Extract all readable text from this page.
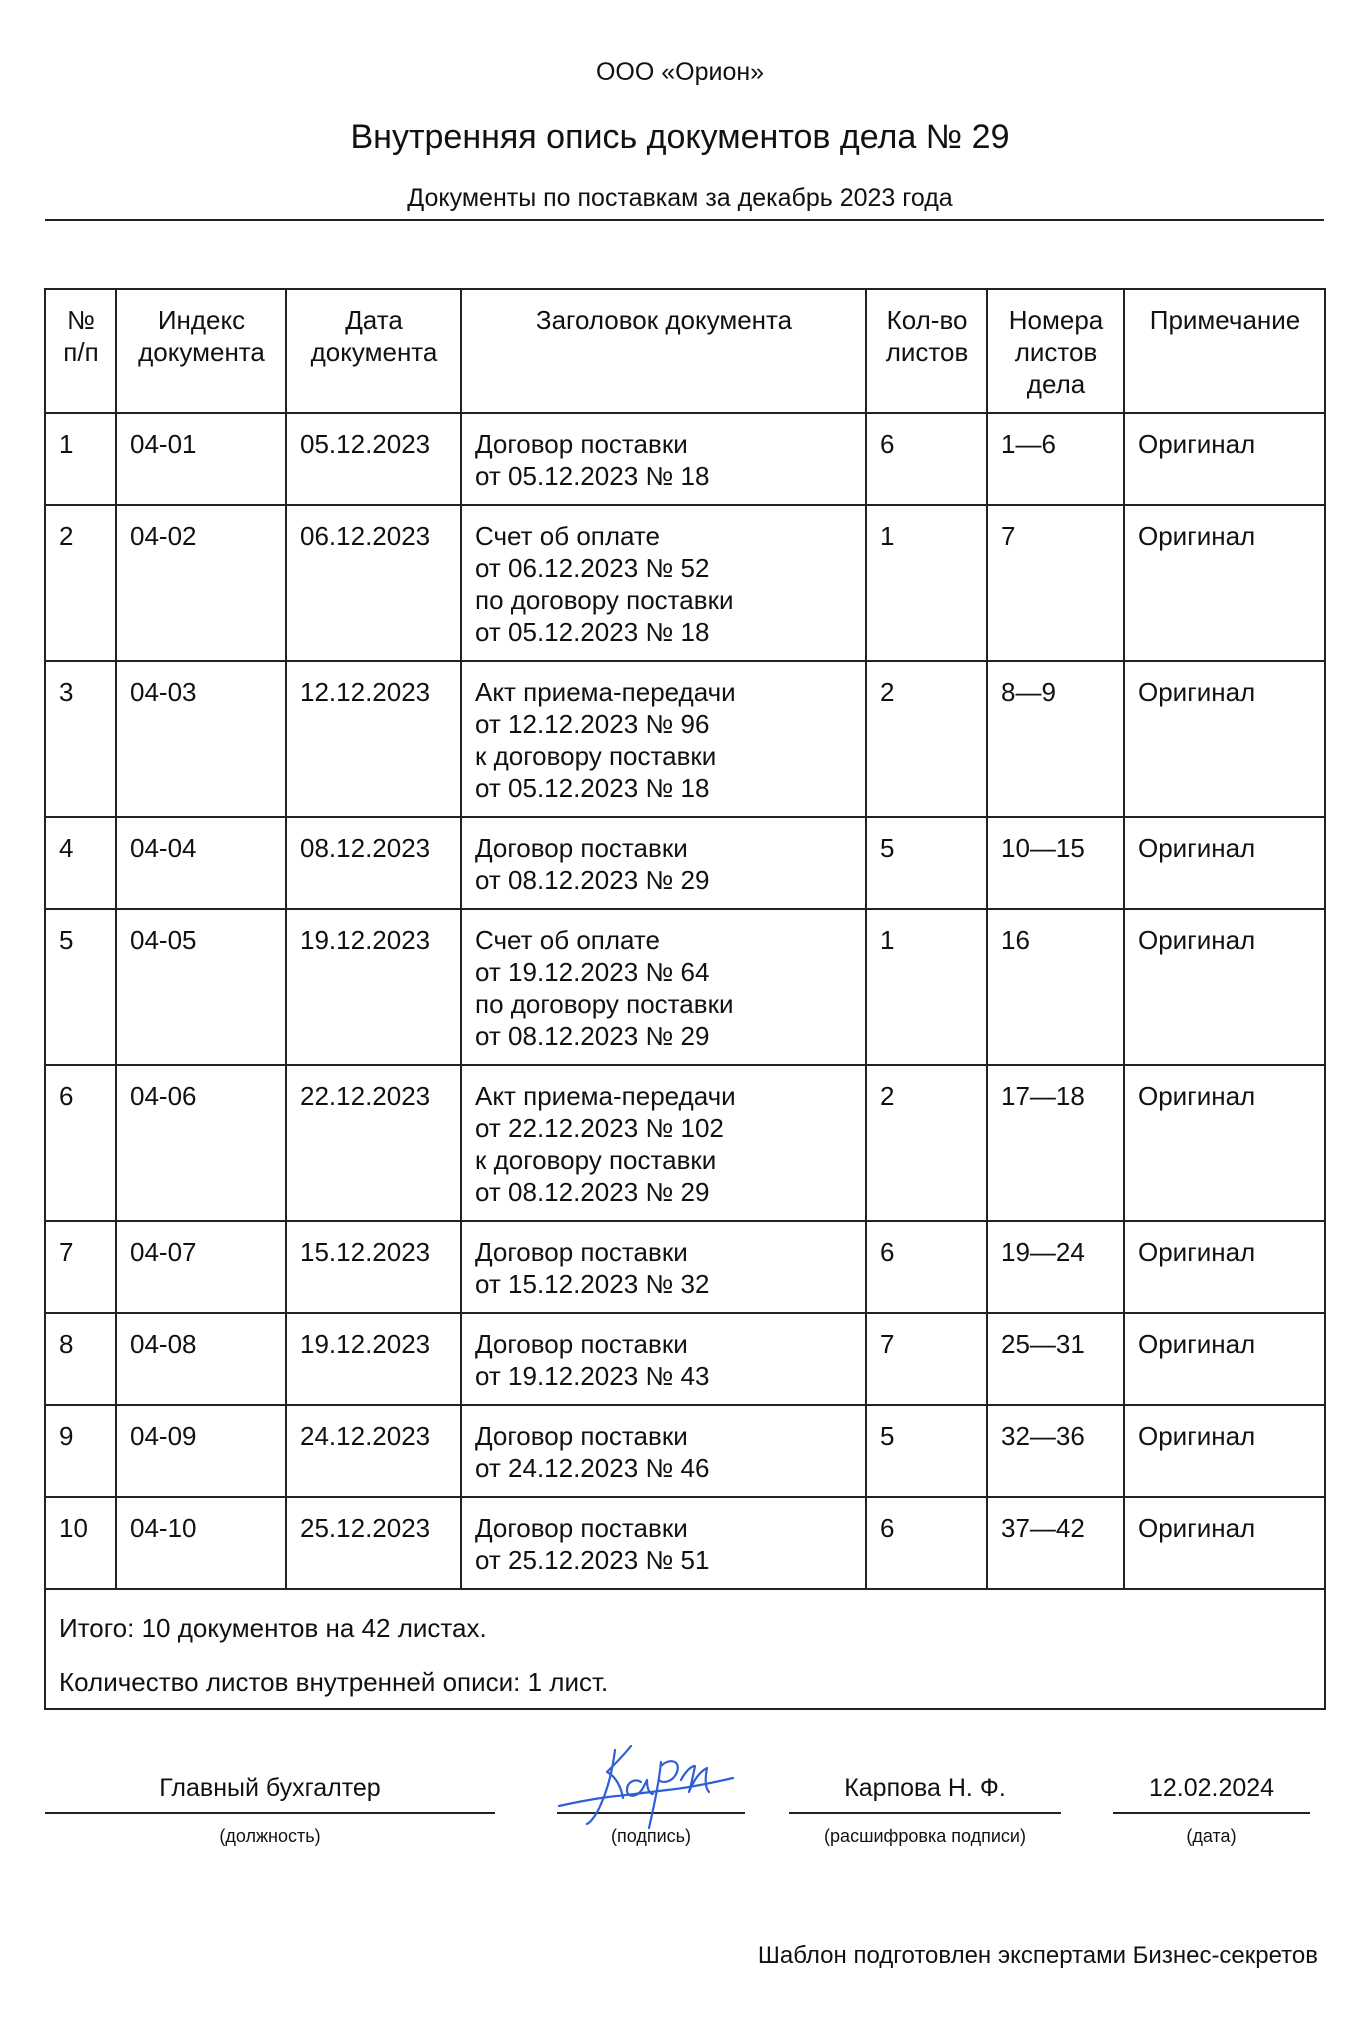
ООО «Орион»
Внутренняя опись документов дела № 29
Документы по поставкам за декабрь 2023 года
№ п/п	Индекс документа	Дата документа	Заголовок документа	Кол-во листов	Номера листов дела	Примечание
1	04-01	05.12.2023	Договор поставки
от 05.12.2023 № 18	6	1—6	Оригинал
2	04-02	06.12.2023	Счет об оплате
от 06.12.2023 № 52
по договору поставки
от 05.12.2023 № 18	1	7	Оригинал
3	04-03	12.12.2023	Акт приема-передачи
от 12.12.2023 № 96
к договору поставки
от 05.12.2023 № 18	2	8—9	Оригинал
4	04-04	08.12.2023	Договор поставки
от 08.12.2023 № 29	5	10—15	Оригинал
5	04-05	19.12.2023	Счет об оплате
от 19.12.2023 № 64
по договору поставки
от 08.12.2023 № 29	1	16	Оригинал
6	04-06	22.12.2023	Акт приема-передачи
от 22.12.2023 № 102
к договору поставки
от 08.12.2023 № 29	2	17—18	Оригинал
7	04-07	15.12.2023	Договор поставки
от 15.12.2023 № 32	6	19—24	Оригинал
8	04-08	19.12.2023	Договор поставки
от 19.12.2023 № 43	7	25—31	Оригинал
9	04-09	24.12.2023	Договор поставки
от 24.12.2023 № 46	5	32—36	Оригинал
10	04-10	25.12.2023	Договор поставки
от 25.12.2023 № 51	6	37—42	Оригинал

Итого: 10 документов на 42 листах.
Количество листов внутренней описи: 1 лист.						
Главный бухгалтер
(должность)	(подпись)
Карпова Н. Ф.
(расшифровка подписи)
12.02.2024
(дата)
Шаблон подготовлен экспертами Бизнес-секретов
